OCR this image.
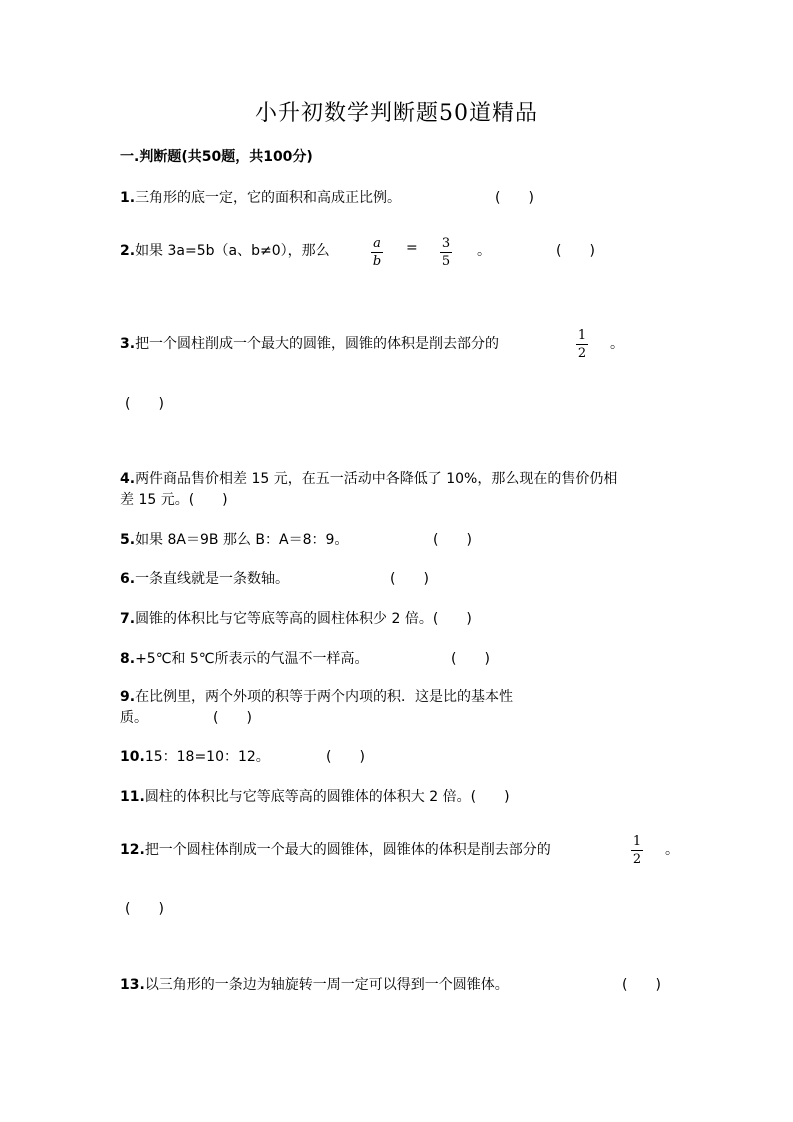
小升初数学判断题50道精品
一.判断题(共50题，共100分)
1.三角形的底一定，它的面积和高成正比例。	(　　)
2.如果 3a=5b（a、b≠0），那么	a
b
= 3
5
。	(　　)
3.把一个圆柱削成一个最大的圆锥，圆锥的体积是削去部分的
1
2
。
(　　)
4.两件商品售价相差 15 元，在五一活动中各降低了 10%，那么现在的售价仍相
差 15 元。(　　)
5.如果 8A＝9B 那么 B：A＝8：9。	(　　)
6.一条直线就是一条数轴。	(　　)
7.圆锥的体积比与它等底等高的圆柱体积少 2 倍。(　　)
8.+5℃和 5℃所表示的气温不一样高。	(　　)
9.在比例里，两个外项的积等于两个内项的积．这是比的基本性
质。	(　　)
10.15：18=10：12。	(　　)
11.圆柱的体积比与它等底等高的圆锥体的体积大 2 倍。(　　)
12.把一个圆柱体削成一个最大的圆锥体，圆锥体的体积是削去部分的
1
2
。
(　　)
13.以三角形的一条边为轴旋转一周一定可以得到一个圆锥体。	(　　)
